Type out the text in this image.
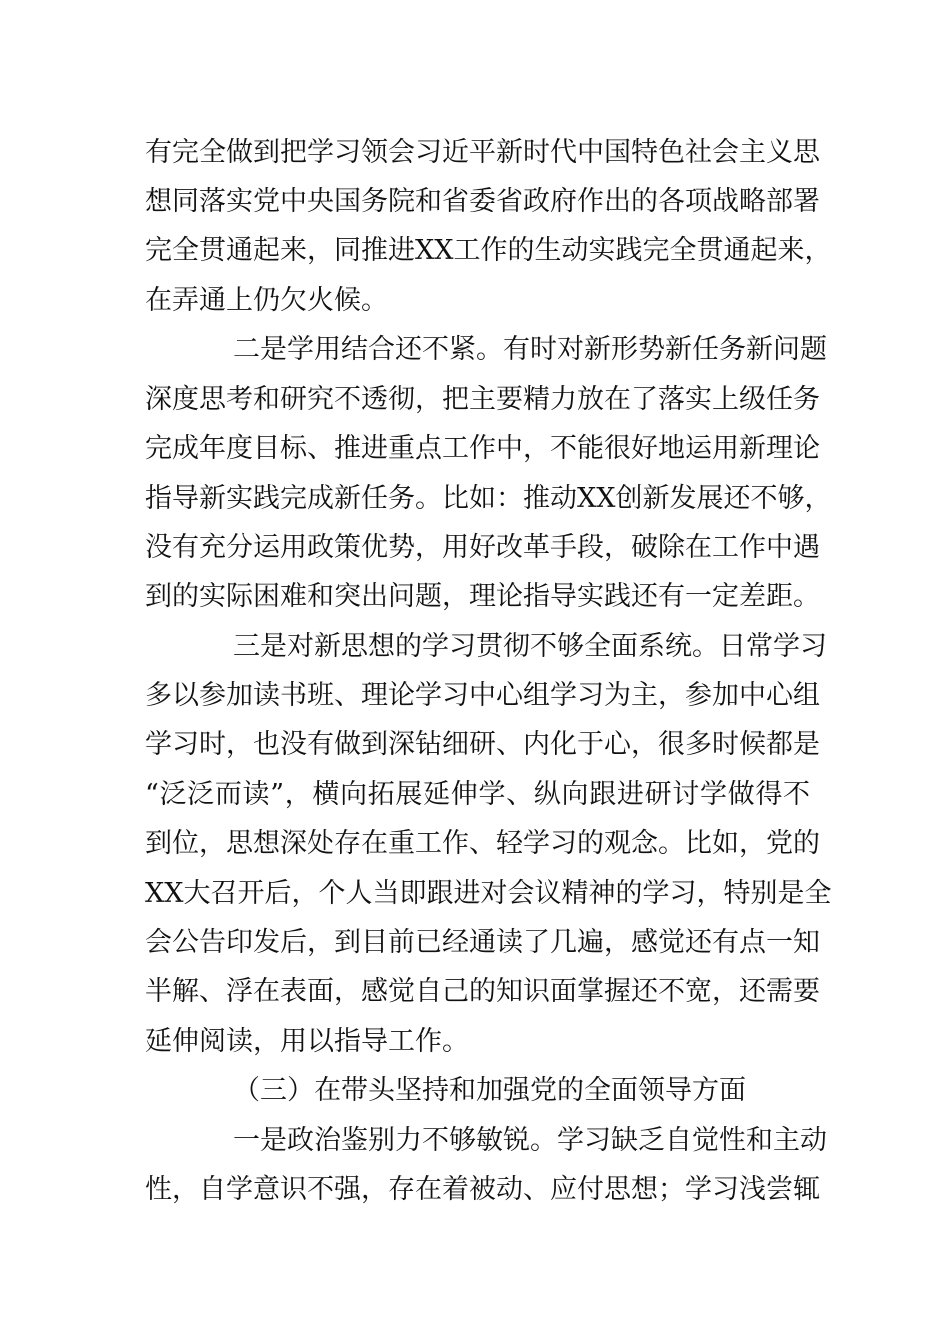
有完全做到把学习领会习近平新时代中国特色社会主义思
想同落实党中央国务院和省委省政府作出的各项战略部署
完全贯通起来，同推进XX工作的生动实践完全贯通起来，
在弄通上仍欠火候。
二是学用结合还不紧。有时对新形势新任务新问题
深度思考和研究不透彻，把主要精力放在了落实上级任务
完成年度目标、推进重点工作中，不能很好地运用新理论
指导新实践完成新任务。比如：推动XX创新发展还不够，
没有充分运用政策优势，用好改革手段，破除在工作中遇
到的实际困难和突出问题，理论指导实践还有一定差距。
三是对新思想的学习贯彻不够全面系统。日常学习
多以参加读书班、理论学习中心组学习为主，参加中心组
学习时，也没有做到深钻细研、内化于心，很多时候都是
“泛泛而读”，横向拓展延伸学、纵向跟进研讨学做得不
到位，思想深处存在重工作、轻学习的观念。比如，党的
XX大召开后，个人当即跟进对会议精神的学习，特别是全
会公告印发后，到目前已经通读了几遍，感觉还有点一知
半解、浮在表面，感觉自己的知识面掌握还不宽，还需要
延伸阅读，用以指导工作。
（三）在带头坚持和加强党的全面领导方面
一是政治鉴别力不够敏锐。学习缺乏自觉性和主动
性，自学意识不强，存在着被动、应付思想；学习浅尝辄
